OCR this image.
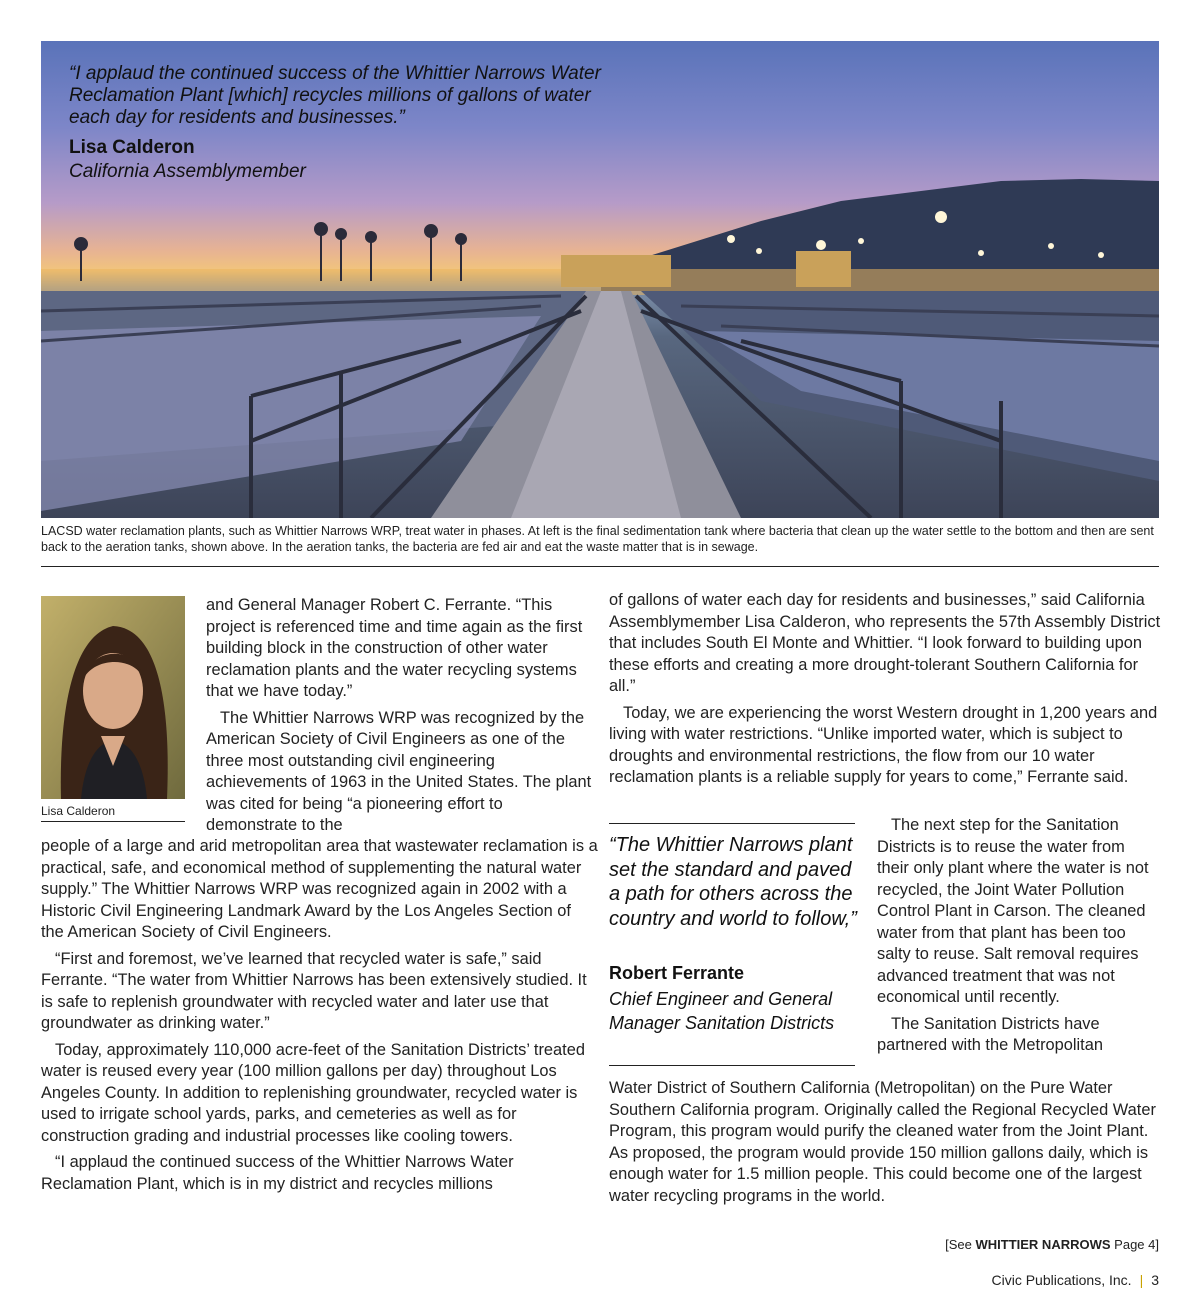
“I applaud the continued success of the Whittier Narrows Water Reclamation Plant [which] recycles millions of gallons of water each day for residents and businesses.”
Lisa Calderon
California Assemblymember
LACSD water reclamation plants, such as Whittier Narrows WRP, treat water in phases. At left is the final sedimentation tank where bacteria that clean up the water settle to the bottom and then are sent back to the aeration tanks, shown above. In the aeration tanks, the bacteria are fed air and eat the waste matter that is in sewage.
Lisa Calderon

and General Manager Robert C. Ferrante. “This project is referenced time and time again as the first building block in the construction of other water reclamation plants and the water recycling systems that we have today.”

The Whittier Narrows WRP was recognized by the American Society of Civil Engineers as one of the three most outstanding civil engineering achievements of 1963 in the United States. The plant was cited for being “a pioneering effort to demonstrate to the

people of a large and arid metropolitan area that wastewater reclamation is a practical, safe, and economical method of supplementing the natural water supply.” The Whittier Narrows WRP was recognized again in 2002 with a Historic Civil Engineering Landmark Award by the Los Angeles Section of the American Society of Civil Engineers.

“First and foremost, we’ve learned that recycled water is safe,” said Ferrante. “The water from Whittier Narrows has been extensively studied. It is safe to replenish groundwater with recycled water and later use that groundwater as drinking water.”

Today, approximately 110,000 acre-feet of the Sanitation Districts’ treated water is reused every year (100 million gallons per day) throughout Los Angeles County. In addition to replenishing groundwater, recycled water is used to irrigate school yards, parks, and cemeteries as well as for construction grading and industrial processes like cooling towers.

“I applaud the continued success of the Whittier Narrows Water Reclamation Plant, which is in my district and recycles millions

of gallons of water each day for residents and businesses,” said California Assemblymember Lisa Calderon, who represents the 57th Assembly District that includes South El Monte and Whittier. “I look forward to building upon these efforts and creating a more drought-tolerant Southern California for all.”

Today, we are experiencing the worst Western drought in 1,200 years and living with water restrictions. “Unlike imported water, which is subject to droughts and environmental restrictions, the flow from our 10 water reclamation plants is a reliable supply for years to come,” Ferrante said.

“The Whittier Narrows plant set the standard and paved a path for others across the country and world to follow,”
Robert Ferrante
Chief Engineer and General Manager Sanitation Districts

The next step for the Sanitation Districts is to reuse the water from their only plant where the water is not recycled, the Joint Water Pollution Control Plant in Carson. The cleaned water from that plant has been too salty to reuse. Salt removal requires advanced treatment that was not economical until recently.

The Sanitation Districts have partnered with the Metropolitan

Water District of Southern California (Metropolitan) on the Pure Water Southern California program. Originally called the Regional Recycled Water Program, this program would purify the cleaned water from the Joint Plant. As proposed, the program would provide 150 million gallons daily, which is enough water for 1.5 million people. This could become one of the largest water recycling programs in the world.

[See WHITTIER NARROWS Page 4]
Civic Publications, Inc. | 3
